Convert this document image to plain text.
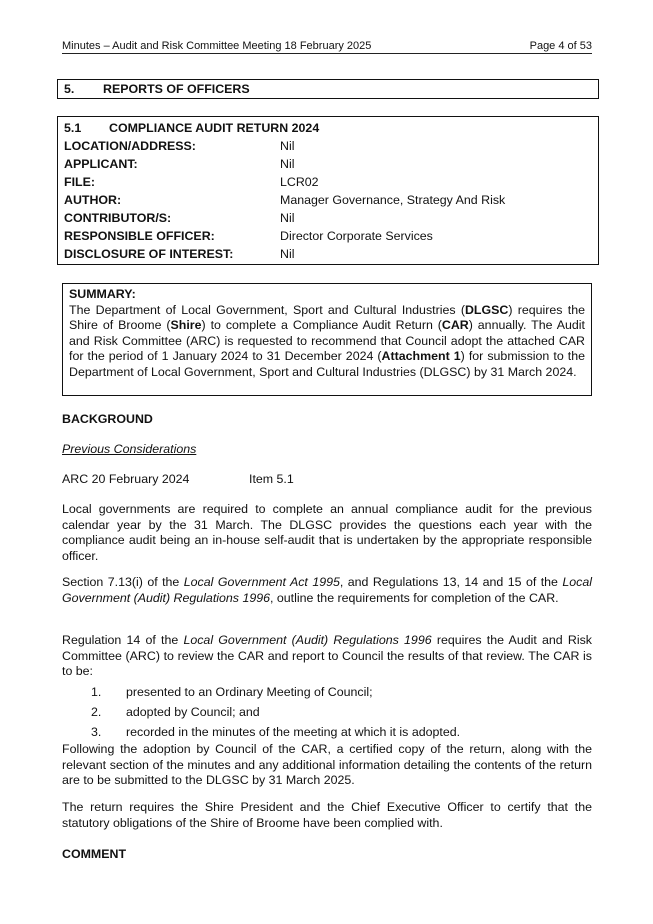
Minutes – Audit and Risk Committee Meeting 18 February 2025	Page 4 of 53
5. REPORTS OF OFFICERS
5.1	COMPLIANCE AUDIT RETURN 2024
LOCATION/ADDRESS:	Nil
APPLICANT:	Nil
FILE:	LCR02
AUTHOR:	Manager Governance, Strategy And Risk
CONTRIBUTOR/S:	Nil
RESPONSIBLE OFFICER:	Director Corporate Services
DISCLOSURE OF INTEREST:	Nil
SUMMARY:
The Department of Local Government, Sport and Cultural Industries (DLGSC) requires the Shire of Broome (Shire) to complete a Compliance Audit Return (CAR) annually. The Audit and Risk Committee (ARC) is requested to recommend that Council adopt the attached CAR for the period of 1 January 2024 to 31 December 2024 (Attachment 1) for submission to the Department of Local Government, Sport and Cultural Industries (DLGSC) by 31 March 2024.
BACKGROUND
Previous Considerations
ARC 20 February 2024	Item 5.1
Local governments are required to complete an annual compliance audit for the previous calendar year by the 31 March. The DLGSC provides the questions each year with the compliance audit being an in-house self-audit that is undertaken by the appropriate responsible officer.
Section 7.13(i) of the Local Government Act 1995, and Regulations 13, 14 and 15 of the Local Government (Audit) Regulations 1996, outline the requirements for completion of the CAR.
Regulation 14 of the Local Government (Audit) Regulations 1996 requires the Audit and Risk Committee (ARC) to review the CAR and report to Council the results of that review. The CAR is to be:
1. presented to an Ordinary Meeting of Council;
2. adopted by Council; and
3. recorded in the minutes of the meeting at which it is adopted.
Following the adoption by Council of the CAR, a certified copy of the return, along with the relevant section of the minutes and any additional information detailing the contents of the return are to be submitted to the DLGSC by 31 March 2025.
The return requires the Shire President and the Chief Executive Officer to certify that the statutory obligations of the Shire of Broome have been complied with.
COMMENT
